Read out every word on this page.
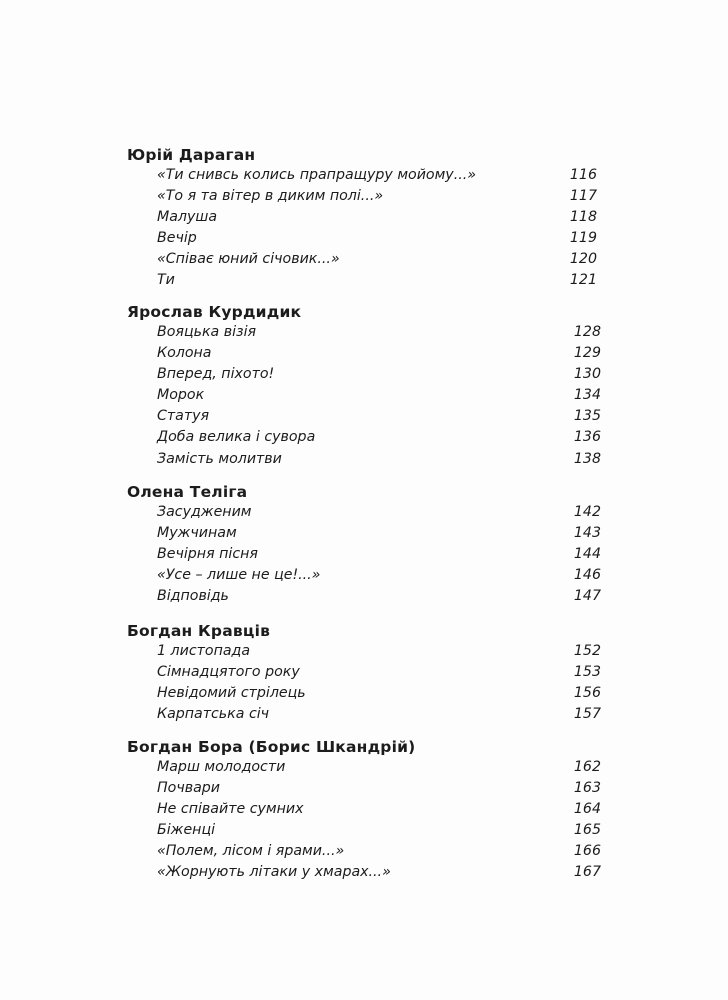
Юрій Дараган
«Ти снивсь колись прапращуру мойому...»	116
«То я та вітер в диким полі...»	117
Малуша	118
Вечір	119
«Співає юний січовик...»	120
Ти	121
Ярослав Курдидик
Вояцька візія	128
Колона	129
Вперед, піхото!	130
Морок	134
Статуя	135
Доба велика і сувора	136
Замість молитви	138
Олена Теліга
Засудженим	142
Мужчинам	143
Вечірня пісня	144
«Усе – лише не це!...»	146
Відповідь	147
Богдан Кравців
1 листопада	152
Сімнадцятого року	153
Невідомий стрілець	156
Карпатська січ	157
Богдан Бора (Борис Шкандрій)
Марш молодости	162
Почвари	163
Не співайте сумних	164
Біженці	165
«Полем, лісом і ярами...»	166
«Жорнують літаки у хмарах...»	167
